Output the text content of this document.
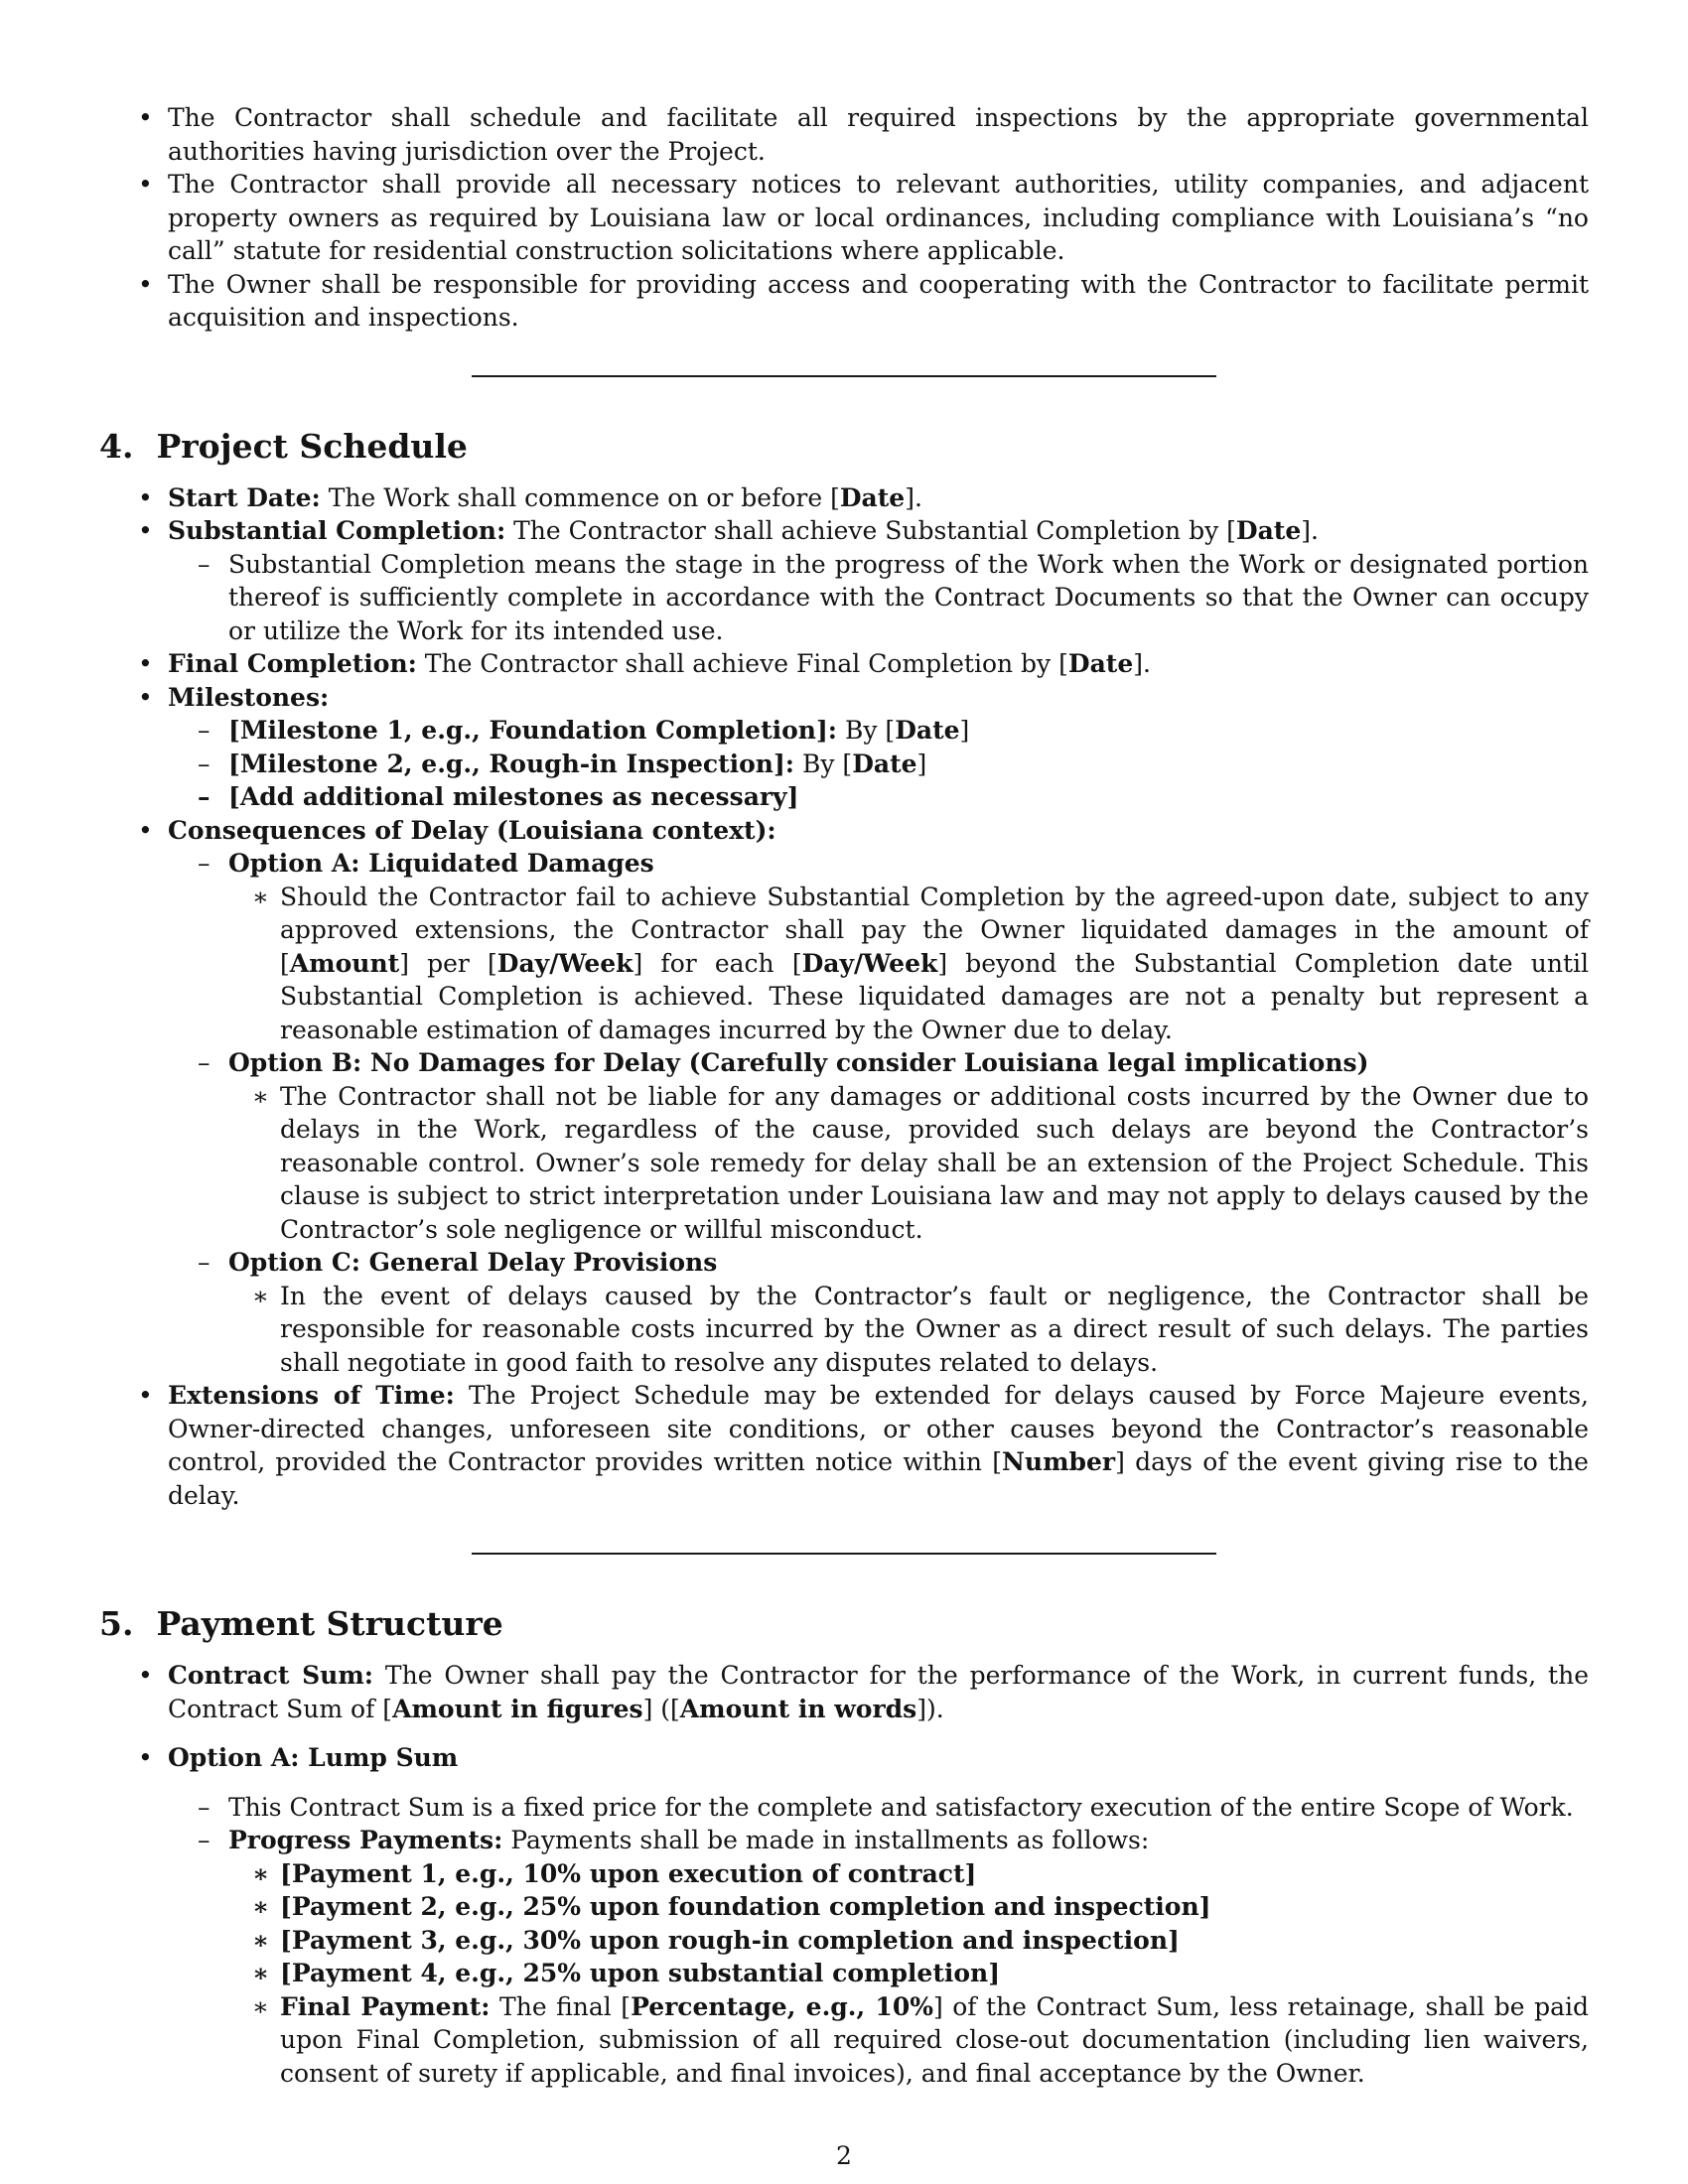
• The Contractor shall schedule and facilitate all required inspections by the appropriate governmental authorities having jurisdiction over the Project.
• The Contractor shall provide all necessary notices to relevant authorities, utility companies, and adjacent property owners as required by Louisiana law or local ordinances, including compliance with Louisiana’s “no call” statute for residential construction solicitations where applicable.
• The Owner shall be responsible for providing access and cooperating with the Contractor to facilitate permit acquisition and inspections.
4. Project Schedule
• Start Date: The Work shall commence on or before [Date].
• Substantial Completion: The Contractor shall achieve Substantial Completion by [Date].
– Substantial Completion means the stage in the progress of the Work when the Work or designated portion thereof is sufficiently complete in accordance with the Contract Documents so that the Owner can occupy or utilize the Work for its intended use.
• Final Completion: The Contractor shall achieve Final Completion by [Date].
• Milestones:
– [Milestone 1, e.g., Foundation Completion]: By [Date]
– [Milestone 2, e.g., Rough-in Inspection]: By [Date]
– [Add additional milestones as necessary]
• Consequences of Delay (Louisiana context):
– Option A: Liquidated Damages
∗ Should the Contractor fail to achieve Substantial Completion by the agreed-upon date, subject to any approved extensions, the Contractor shall pay the Owner liquidated damages in the amount of [Amount] per [Day/Week] for each [Day/Week] beyond the Substantial Completion date until Substantial Completion is achieved. These liquidated damages are not a penalty but represent a reasonable estimation of damages incurred by the Owner due to delay.
– Option B: No Damages for Delay (Carefully consider Louisiana legal implications)
∗ The Contractor shall not be liable for any damages or additional costs incurred by the Owner due to delays in the Work, regardless of the cause, provided such delays are beyond the Contractor’s reasonable control. Owner’s sole remedy for delay shall be an extension of the Project Schedule. This clause is subject to strict interpretation under Louisiana law and may not apply to delays caused by the Contractor’s sole negligence or willful misconduct.
– Option C: General Delay Provisions
∗ In the event of delays caused by the Contractor’s fault or negligence, the Contractor shall be responsible for reasonable costs incurred by the Owner as a direct result of such delays. The parties shall negotiate in good faith to resolve any disputes related to delays.
• Extensions of Time: The Project Schedule may be extended for delays caused by Force Majeure events, Owner-directed changes, unforeseen site conditions, or other causes beyond the Contractor’s reasonable control, provided the Contractor provides written notice within [Number] days of the event giving rise to the delay.
5. Payment Structure
• Contract Sum: The Owner shall pay the Contractor for the performance of the Work, in current funds, the Contract Sum of [Amount in figures] ([Amount in words]).
• Option A: Lump Sum
– This Contract Sum is a fixed price for the complete and satisfactory execution of the entire Scope of Work.
– Progress Payments: Payments shall be made in installments as follows:
∗ [Payment 1, e.g., 10% upon execution of contract]
∗ [Payment 2, e.g., 25% upon foundation completion and inspection]
∗ [Payment 3, e.g., 30% upon rough-in completion and inspection]
∗ [Payment 4, e.g., 25% upon substantial completion]
∗ Final Payment: The final [Percentage, e.g., 10%] of the Contract Sum, less retainage, shall be paid upon Final Completion, submission of all required close-out documentation (including lien waivers, consent of surety if applicable, and final invoices), and final acceptance by the Owner.
2
